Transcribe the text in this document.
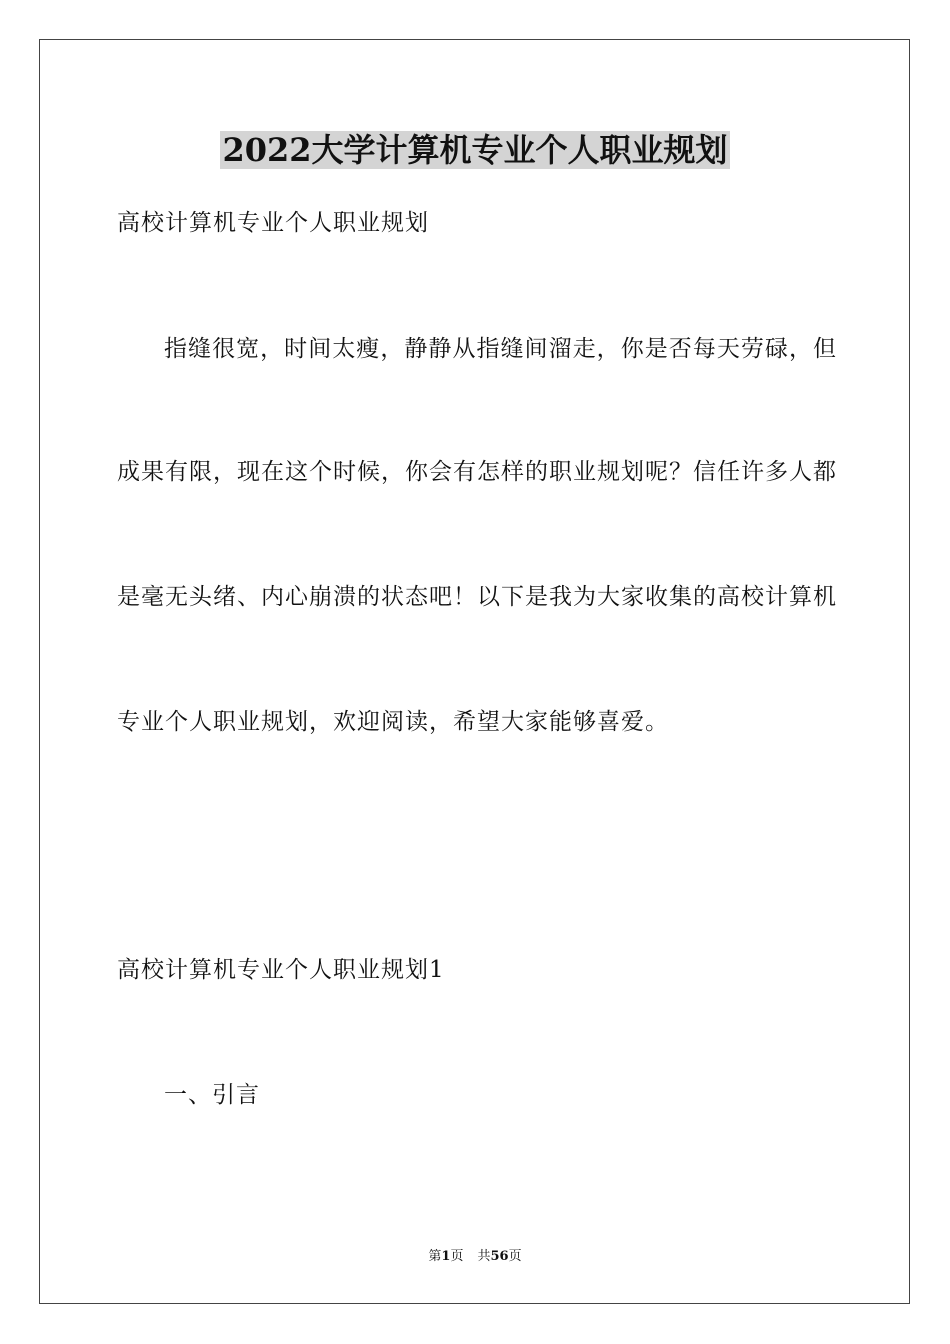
2022大学计算机专业个人职业规划
高校计算机专业个人职业规划
指缝很宽，时间太瘦，静静从指缝间溜走，你是否每天劳碌，但
成果有限，现在这个时候，你会有怎样的职业规划呢？信任许多人都
是毫无头绪、内心崩溃的状态吧！以下是我为大家收集的高校计算机
专业个人职业规划，欢迎阅读，希望大家能够喜爱。
高校计算机专业个人职业规划1
一、引言
第1页 共56页
